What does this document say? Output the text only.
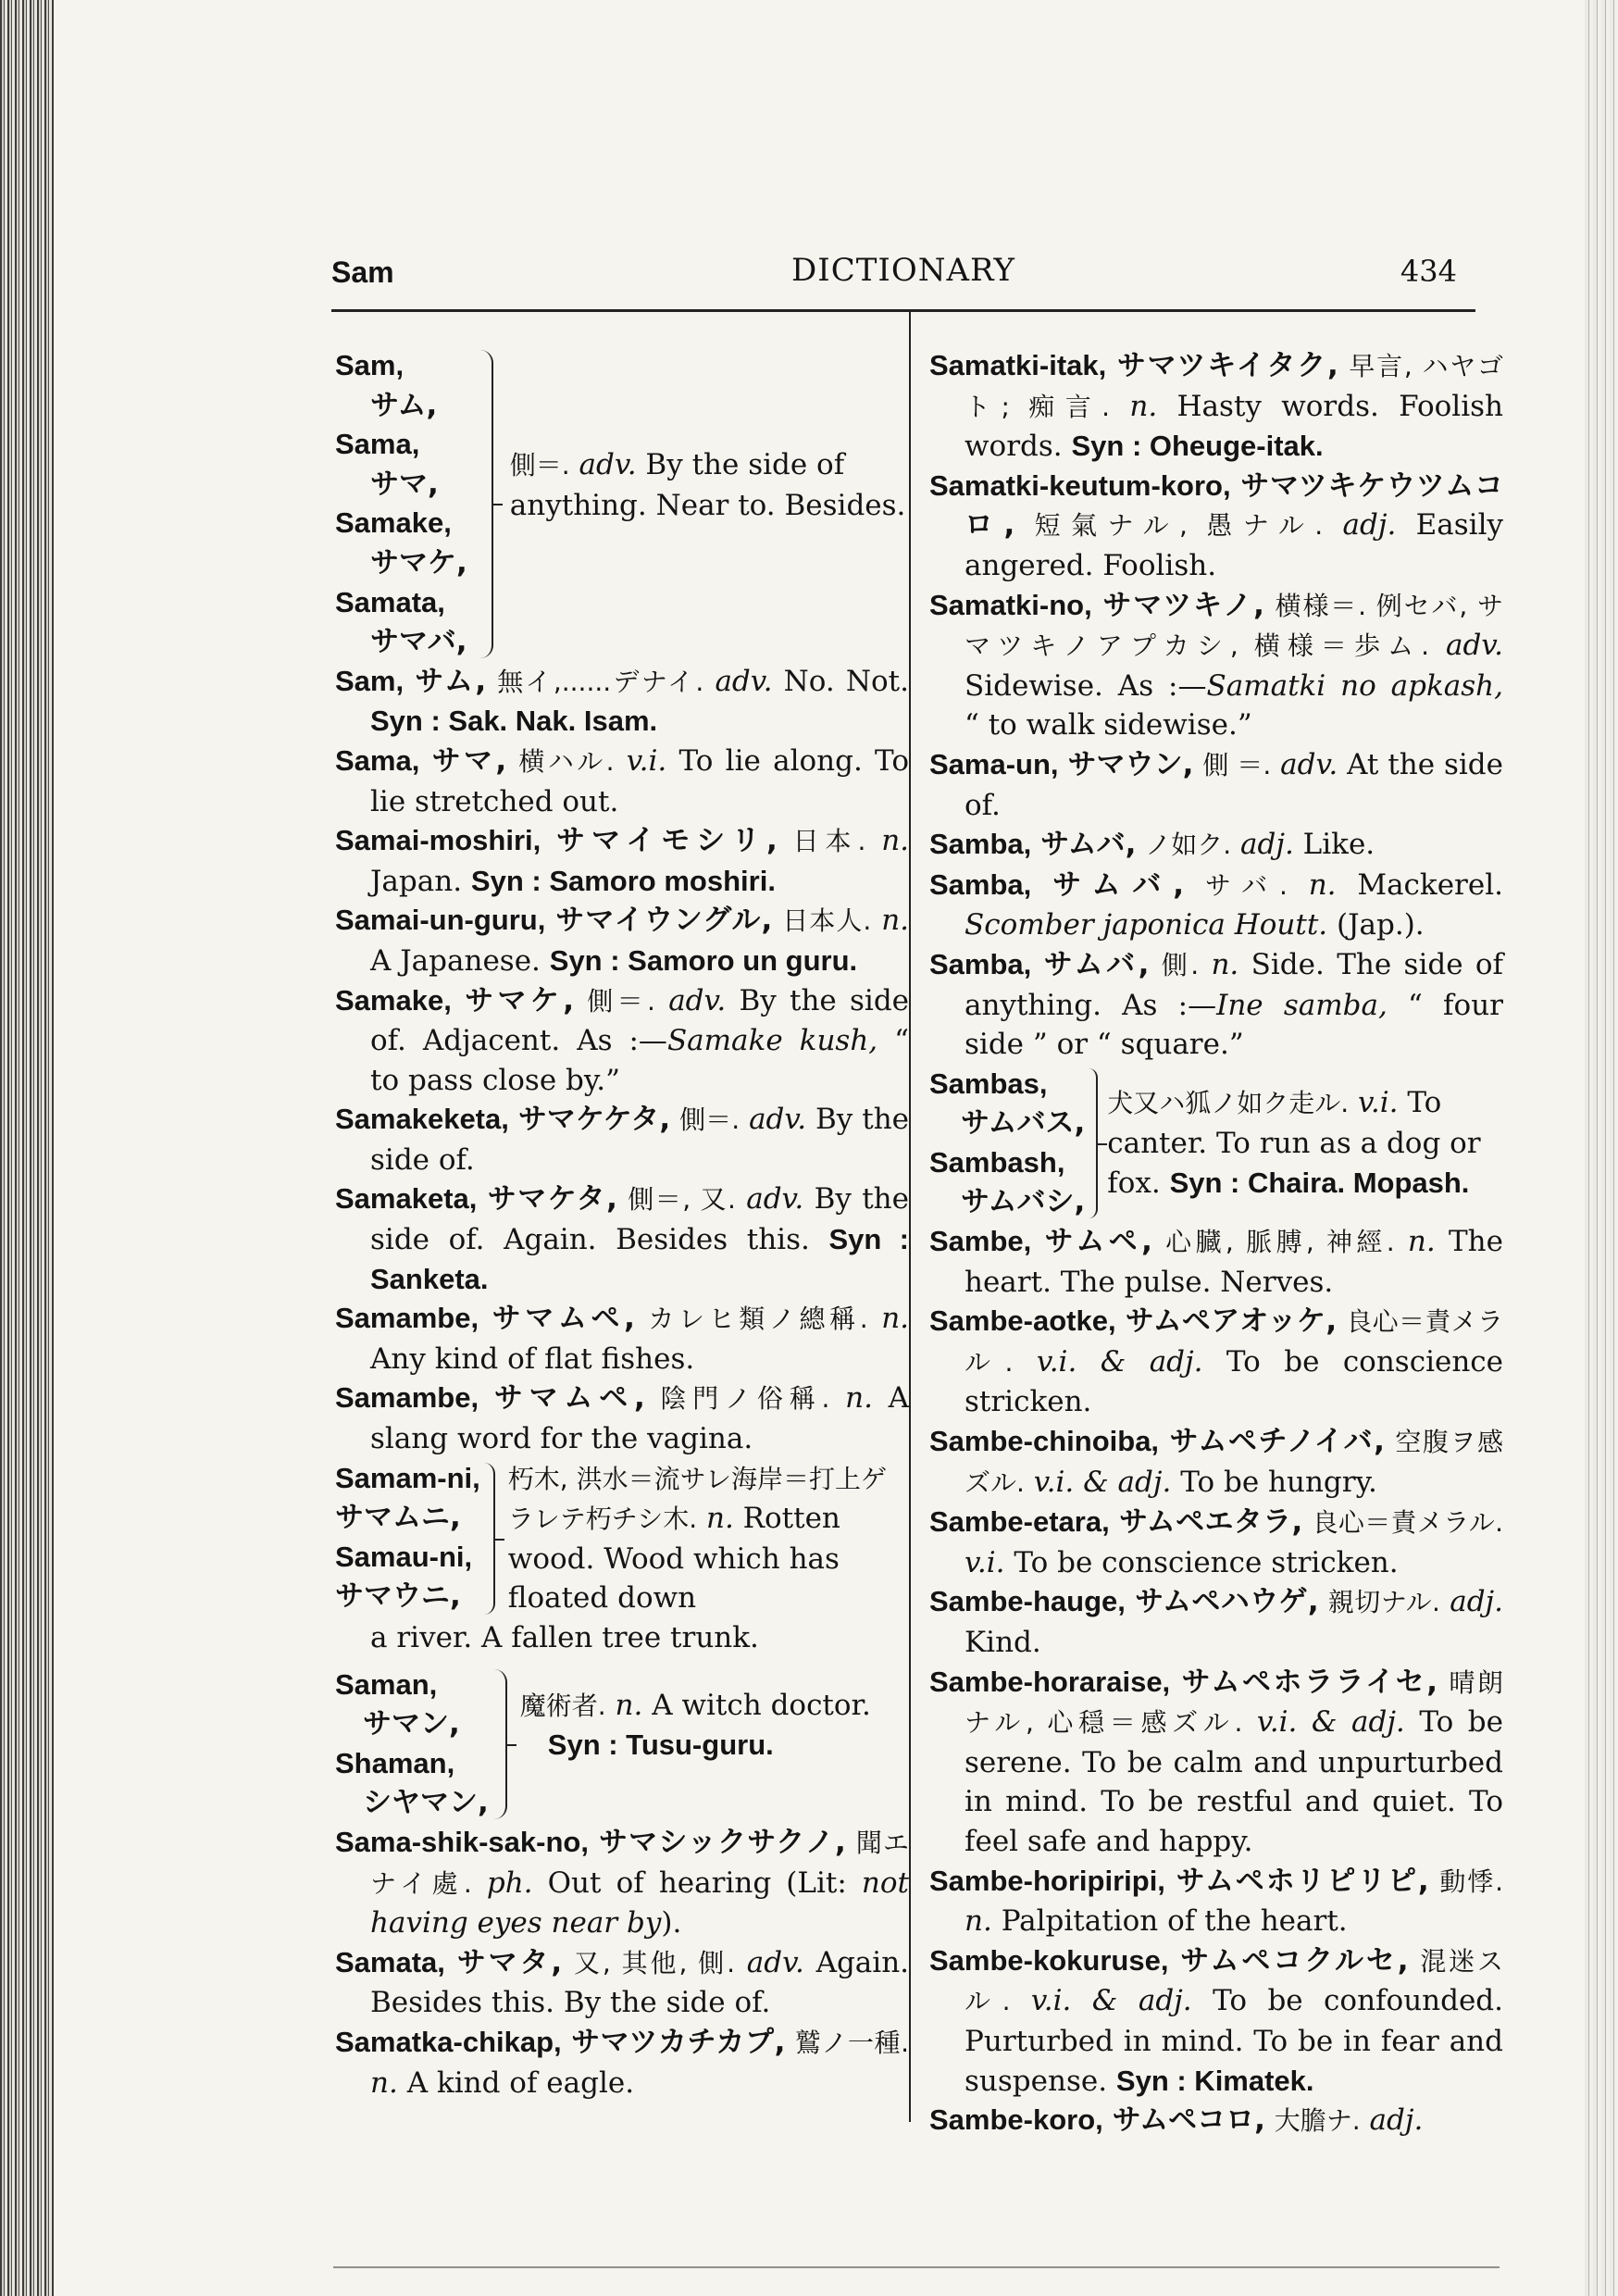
Sam	DICTIONARY	434
Sam,
サム,
Sama,
サマ,
Samake,
サマケ,
Samata,
サマバ,
側＝. adv. By the side of anything. Near to. Besides.
Sam, サム, 無イ,......デナイ. adv. No. Not. Syn : Sak. Nak. Isam.
Sama, サマ, 横ハル. v.i. To lie along. To lie stretched out.
Samai-moshiri, サマイモシリ, 日本. n. Japan. Syn : Samoro moshiri.
Samai-un-guru, サマイウングル, 日本人. n. A Japanese. Syn : Samoro un guru.
Samake, サマケ, 側＝. adv. By the side of. Adjacent. As :—Samake kush, “ to pass close by.”
Samakeketa, サマケケタ, 側＝. adv. By the side of.
Samaketa, サマケタ, 側＝, 又. adv. By the side of. Again. Besides this. Syn : Sanketa.
Samambe, サマムペ, カレヒ類ノ總稱. n. Any kind of flat fishes.
Samambe, サマムペ, 陰門ノ俗稱. n. A slang word for the vagina.
Samam-ni,
サマムニ,
Samau-ni,
サマウニ,
朽木, 洪水＝流サレ海岸＝打上ゲラレテ朽チシ木. n. Rotten wood. Wood which has floated down
a river. A fallen tree trunk.
Saman,
サマン,
Shaman,
シヤマン,
魔術者. n. A witch doctor.
Syn : Tusu-guru.
Sama-shik-sak-no, サマシックサクノ, 聞エナイ處. ph. Out of hearing (Lit: not having eyes near by).
Samata, サマタ, 又, 其他, 側. adv. Again. Besides this. By the side of.
Samatka-chikap, サマツカチカプ, 鷲ノ一種. n. A kind of eagle.
Samatki-itak, サマツキイタク, 早言, ハヤゴト; 痴言. n. Hasty words. Foolish words. Syn : Oheuge-itak.
Samatki-keutum-koro, サマツキケウツムコロ, 短氣ナル, 愚ナル. adj. Easily angered. Foolish.
Samatki-no, サマツキノ, 横様＝. 例セバ, サマツキノアプカシ, 横様＝歩ム. adv. Sidewise. As :—Samatki no apkash, “ to walk sidewise.”
Sama-un, サマウン, 側 ＝. adv. At the side of.
Samba, サムバ, ノ如ク. adj. Like.
Samba, サムバ, サバ. n. Mackerel. Scomber japonica Houtt. (Jap.).
Samba, サムバ, 側. n. Side. The side of anything. As :—Ine samba, “ four side ” or “ square.”
Sambas,
サムバス,
Sambash,
サムバシ,
犬又ハ狐ノ如ク走ル. v.i. To canter. To run as a dog or fox. Syn : Chaira. Mopash.
Sambe, サムペ, 心臓, 脈膊, 神經. n. The heart. The pulse. Nerves.
Sambe-aotke, サムペアオッケ, 良心＝責メラル. v.i. & adj. To be conscience stricken.
Sambe-chinoiba, サムペチノイバ, 空腹ヲ感ズル. v.i. & adj. To be hungry.
Sambe-etara, サムペエタラ, 良心＝責メラル. v.i. To be conscience stricken.
Sambe-hauge, サムペハウゲ, 親切ナル. adj. Kind.
Sambe-horaraise, サムペホラライセ, 晴朗ナル, 心穏＝感ズル. v.i. & adj. To be serene. To be calm and unpurturbed in mind. To be restful and quiet. To feel safe and happy.
Sambe-horipiripi, サムペホリピリピ, 動悸. n. Palpitation of the heart.
Sambe-kokuruse, サムペコクルセ, 混迷スル. v.i. & adj. To be confounded. Purturbed in mind. To be in fear and suspense. Syn : Kimatek.
Sambe-koro, サムペコロ, 大膽ナ. adj.
